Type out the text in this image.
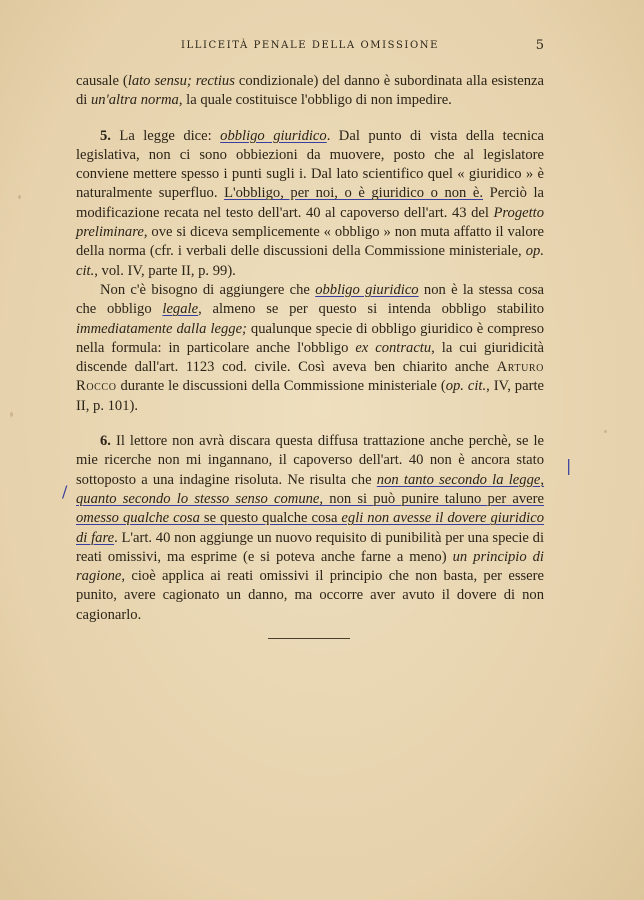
ILLICEITÀ PENALE DELLA OMISSIONE	5

causale (lato sensu; rectius condizionale) del danno è subordinata alla esistenza di un'altra norma, la quale costituisce l'obbligo di non impedire.

5. La legge dice: obbligo giuridico. Dal punto di vista della tecnica legislativa, non ci sono obbiezioni da muovere, posto che al legislatore conviene mettere spesso i punti sugli i. Dal lato scientifico quel « giuridico » è naturalmente superfluo. L'obbligo, per noi, o è giuridico o non è. Perciò la modificazione recata nel testo dell'art. 40 al capoverso dell'art. 43 del Progetto preliminare, ove si diceva semplicemente « obbligo » non muta affatto il valore della norma (cfr. i verbali delle discussioni della Commissione ministeriale, op. cit., vol. IV, parte II, p. 99).

Non c'è bisogno di aggiungere che obbligo giuridico non è la stessa cosa che obbligo legale, almeno se per questo si intenda obbligo stabilito immediatamente dalla legge; qualunque specie di obbligo giuridico è compreso nella formula: in particolare anche l'obbligo ex contractu, la cui giuridicità discende dall'art. 1123 cod. civile. Così aveva ben chiarito anche Arturo Rocco durante le discussioni della Commissione ministeriale (op. cit., IV, parte II, p. 101).

6. Il lettore non avrà discara questa diffusa trattazione anche perchè, se le mie ricerche non mi ingannano, il capoverso dell'art. 40 non è ancora stato sottoposto a una indagine risoluta. Ne risulta che non tanto secondo la legge, quanto secondo lo stesso senso comune, non si può punire taluno per avere omesso qualche cosa se questo qualche cosa egli non avesse il dovere giuridico di fare. L'art. 40 non aggiunge un nuovo requisito di punibilità per una specie di reati omissivi, ma esprime (e si poteva anche farne a meno) un principio di ragione, cioè applica ai reati omissivi il principio che non basta, per essere punito, avere cagionato un danno, ma occorre aver avuto il dovere di non cagionarlo.

|
/
